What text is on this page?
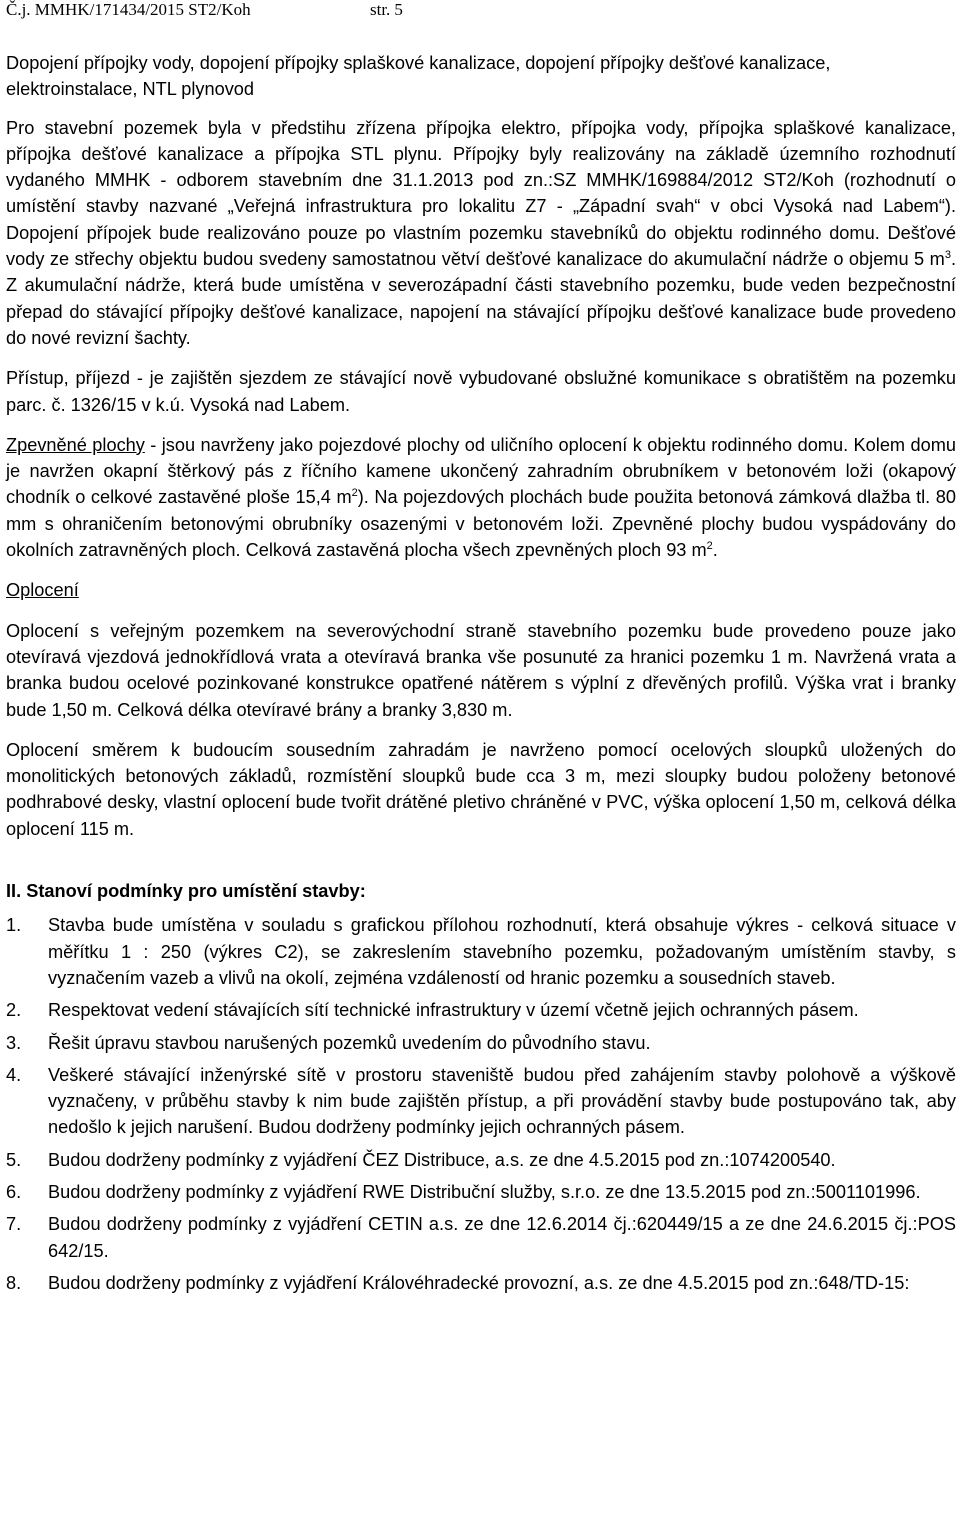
Č.j. MMHK/171434/2015 ST2/Koh	str. 5

Dopojení přípojky vody, dopojení přípojky splaškové kanalizace, dopojení přípojky dešťové kanalizace, elektroinstalace, NTL plynovod

Pro stavební pozemek byla v předstihu zřízena přípojka elektro, přípojka vody, přípojka splaškové kanalizace, přípojka dešťové kanalizace a přípojka STL plynu. Přípojky byly realizovány na základě územního rozhodnutí vydaného MMHK - odborem stavebním dne 31.1.2013 pod zn.:SZ MMHK/169884/2012 ST2/Koh (rozhodnutí o umístění stavby nazvané „Veřejná infrastruktura pro lokalitu Z7 - „Západní svah“ v obci Vysoká nad Labem“). Dopojení přípojek bude realizováno pouze po vlastním pozemku stavebníků do objektu rodinného domu. Dešťové vody ze střechy objektu budou svedeny samostatnou větví dešťové kanalizace do akumulační nádrže o objemu 5 $m^3$. Z akumulační nádrže, která bude umístěna v severozápadní části stavebního pozemku, bude veden bezpečnostní přepad do stávající přípojky dešťové kanalizace, napojení na stávající přípojku dešťové kanalizace bude provedeno do nové revizní šachty.

Přístup, příjezd - je zajištěn sjezdem ze stávající nově vybudované obslužné komunikace s obratištěm na pozemku parc. č. 1326/15 v k.ú. Vysoká nad Labem.

Zpevněné plochy - jsou navrženy jako pojezdové plochy od uličního oplocení k objektu rodinného domu. Kolem domu je navržen okapní štěrkový pás z říčního kamene ukončený zahradním obrubníkem v betonovém loži (okapový chodník o celkové zastavěné ploše 15,4 $m^2$). Na pojezdových plochách bude použita betonová zámková dlažba tl. 80 mm s ohraničením betonovými obrubníky osazenými v betonovém loži. Zpevněné plochy budou vyspádovány do okolních zatravněných ploch. Celková zastavěná plocha všech zpevněných ploch 93 $m^2$.

Oplocení

Oplocení s veřejným pozemkem na severovýchodní straně stavebního pozemku bude provedeno pouze jako otevíravá vjezdová jednokřídlová vrata a otevíravá branka vše posunuté za hranici pozemku 1 m. Navržená vrata a branka budou ocelové pozinkované konstrukce opatřené nátěrem s výplní z dřevěných profilů. Výška vrat i branky bude 1,50 m. Celková délka otevíravé brány a branky 3,830 m.

Oplocení směrem k budoucím sousedním zahradám je navrženo pomocí ocelových sloupků uložených do monolitických betonových základů, rozmístění sloupků bude cca 3 m, mezi sloupky budou položeny betonové podhrabové desky, vlastní oplocení bude tvořit drátěné pletivo chráněné v PVC, výška oplocení 1,50 m, celková délka oplocení 115 m.

II. Stanoví podmínky pro umístění stavby:

1. Stavba bude umístěna v souladu s grafickou přílohou rozhodnutí, která obsahuje výkres - celková situace v měřítku 1 : 250 (výkres C2), se zakreslením stavebního pozemku, požadovaným umístěním stavby, s vyznačením vazeb a vlivů na okolí, zejména vzdáleností od hranic pozemku a sousedních staveb.
2. Respektovat vedení stávajících sítí technické infrastruktury v území včetně jejich ochranných pásem.
3. Řešit úpravu stavbou narušených pozemků uvedením do původního stavu.
4. Veškeré stávající inženýrské sítě v prostoru staveniště budou před zahájením stavby polohově a výškově vyznačeny, v průběhu stavby k nim bude zajištěn přístup, a při provádění stavby bude postupováno tak, aby nedošlo k jejich narušení. Budou dodrženy podmínky jejich ochranných pásem.
5. Budou dodrženy podmínky z vyjádření ČEZ Distribuce, a.s. ze dne 4.5.2015 pod zn.:1074200540.
6. Budou dodrženy podmínky z vyjádření RWE Distribuční služby, s.r.o. ze dne 13.5.2015 pod zn.:5001101996.
7. Budou dodrženy podmínky z vyjádření CETIN a.s. ze dne 12.6.2014 čj.:620449/15 a ze dne 24.6.2015 čj.:POS 642/15.
8. Budou dodrženy podmínky z vyjádření Královéhradecké provozní, a.s. ze dne 4.5.2015 pod zn.:648/TD-15:
